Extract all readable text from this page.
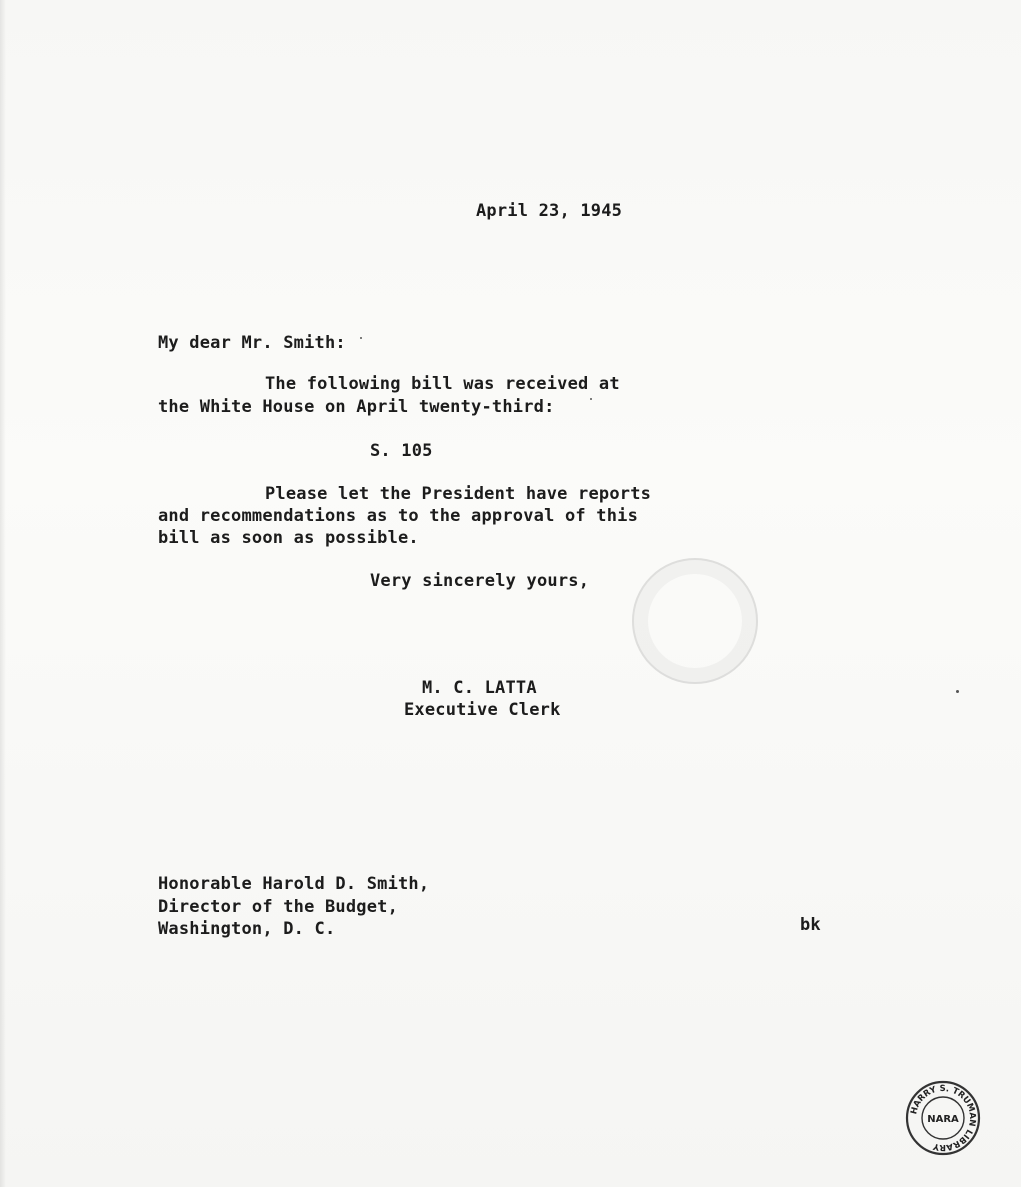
April 23, 1945
My dear Mr. Smith:
The following bill was received at
the White House on April twenty-third:
S. 105
Please let the President have reports
and recommendations as to the approval of this
bill as soon as possible.
Very sincerely yours,
M. C. LATTA
Executive Clerk
Honorable Harold D. Smith,
Director of the Budget,
Washington, D. C.	bk
HARRY S. TRUMAN LIBRARY
NARA
